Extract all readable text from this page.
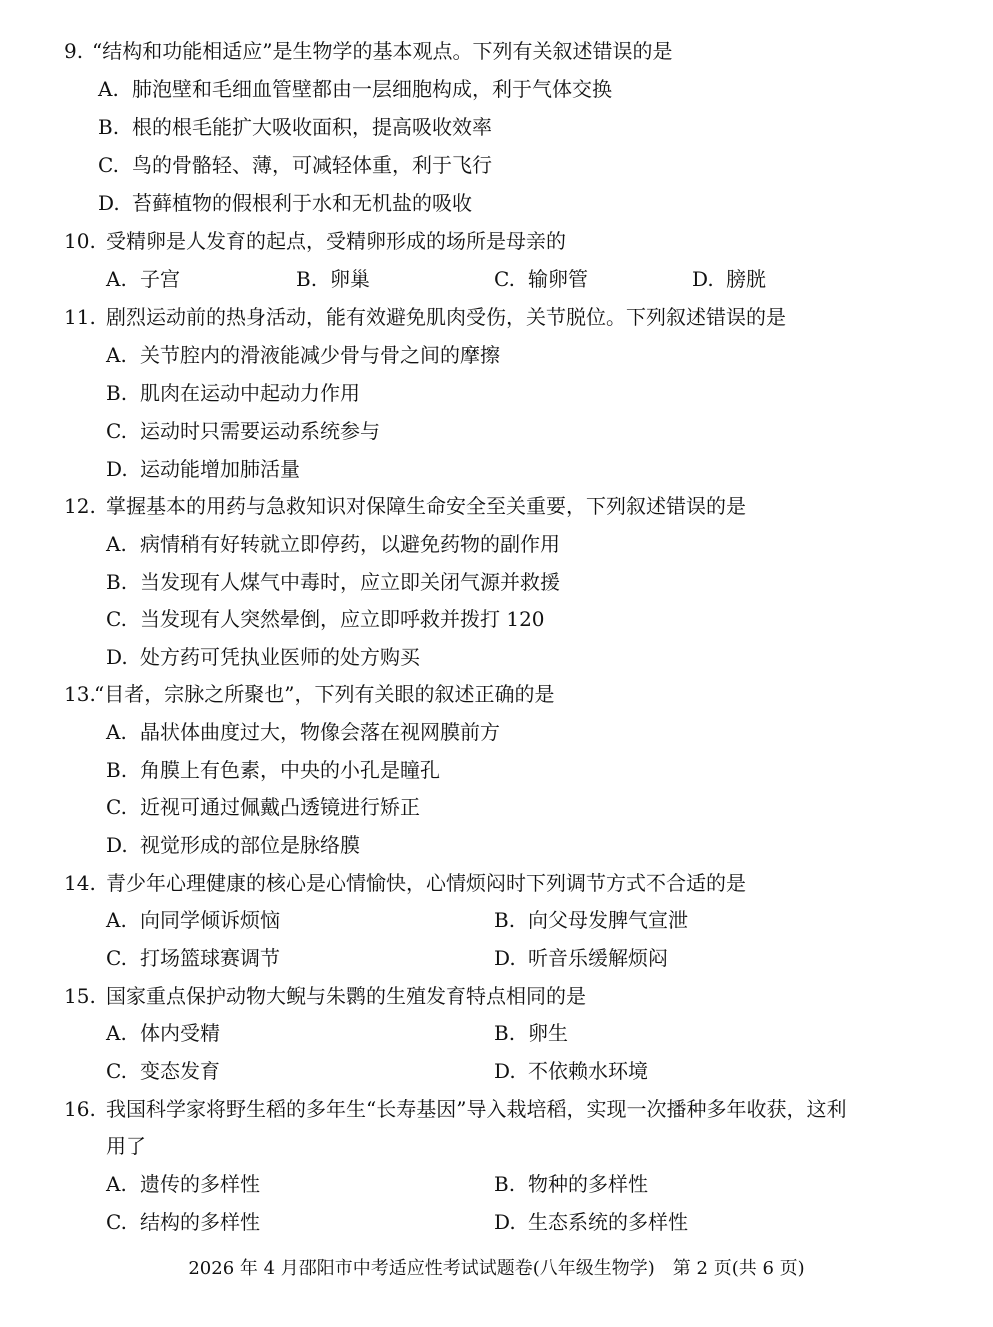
9. “结构和功能相适应”是生物学的基本观点。下列有关叙述错误的是
A. 肺泡壁和毛细血管壁都由一层细胞构成，利于气体交换
B. 根的根毛能扩大吸收面积，提高吸收效率
C. 鸟的骨骼轻、薄，可减轻体重，利于飞行
D. 苔藓植物的假根利于水和无机盐的吸收
10. 受精卵是人发育的起点，受精卵形成的场所是母亲的
A. 子宫	B. 卵巢	C. 输卵管	D. 膀胱
11. 剧烈运动前的热身活动，能有效避免肌肉受伤，关节脱位。下列叙述错误的是
A. 关节腔内的滑液能减少骨与骨之间的摩擦
B. 肌肉在运动中起动力作用
C. 运动时只需要运动系统参与
D. 运动能增加肺活量
12. 掌握基本的用药与急救知识对保障生命安全至关重要，下列叙述错误的是
A. 病情稍有好转就立即停药，以避免药物的副作用
B. 当发现有人煤气中毒时，应立即关闭气源并救援
C. 当发现有人突然晕倒，应立即呼救并拨打 120
D. 处方药可凭执业医师的处方购买
13.
“目者，宗脉之所聚也”，下列有关眼的叙述正确的是
A. 晶状体曲度过大，物像会落在视网膜前方
B. 角膜上有色素，中央的小孔是瞳孔
C. 近视可通过佩戴凸透镜进行矫正
D. 视觉形成的部位是脉络膜
14. 青少年心理健康的核心是心情愉快，心情烦闷时下列调节方式不合适的是
A. 向同学倾诉烦恼	B. 向父母发脾气宣泄
C. 打场篮球赛调节	D. 听音乐缓解烦闷
15. 国家重点保护动物大鲵与朱鹮的生殖发育特点相同的是
A. 体内受精	B. 卵生
C. 变态发育	D. 不依赖水环境
16. 我国科学家将野生稻的多年生“长寿基因”导入栽培稻，实现一次播种多年收获，这利
用了
A. 遗传的多样性	B. 物种的多样性
C. 结构的多样性	D. 生态系统的多样性
2026 年 4 月邵阳市中考适应性考试试题卷(八年级生物学)　第 2 页(共 6 页)
